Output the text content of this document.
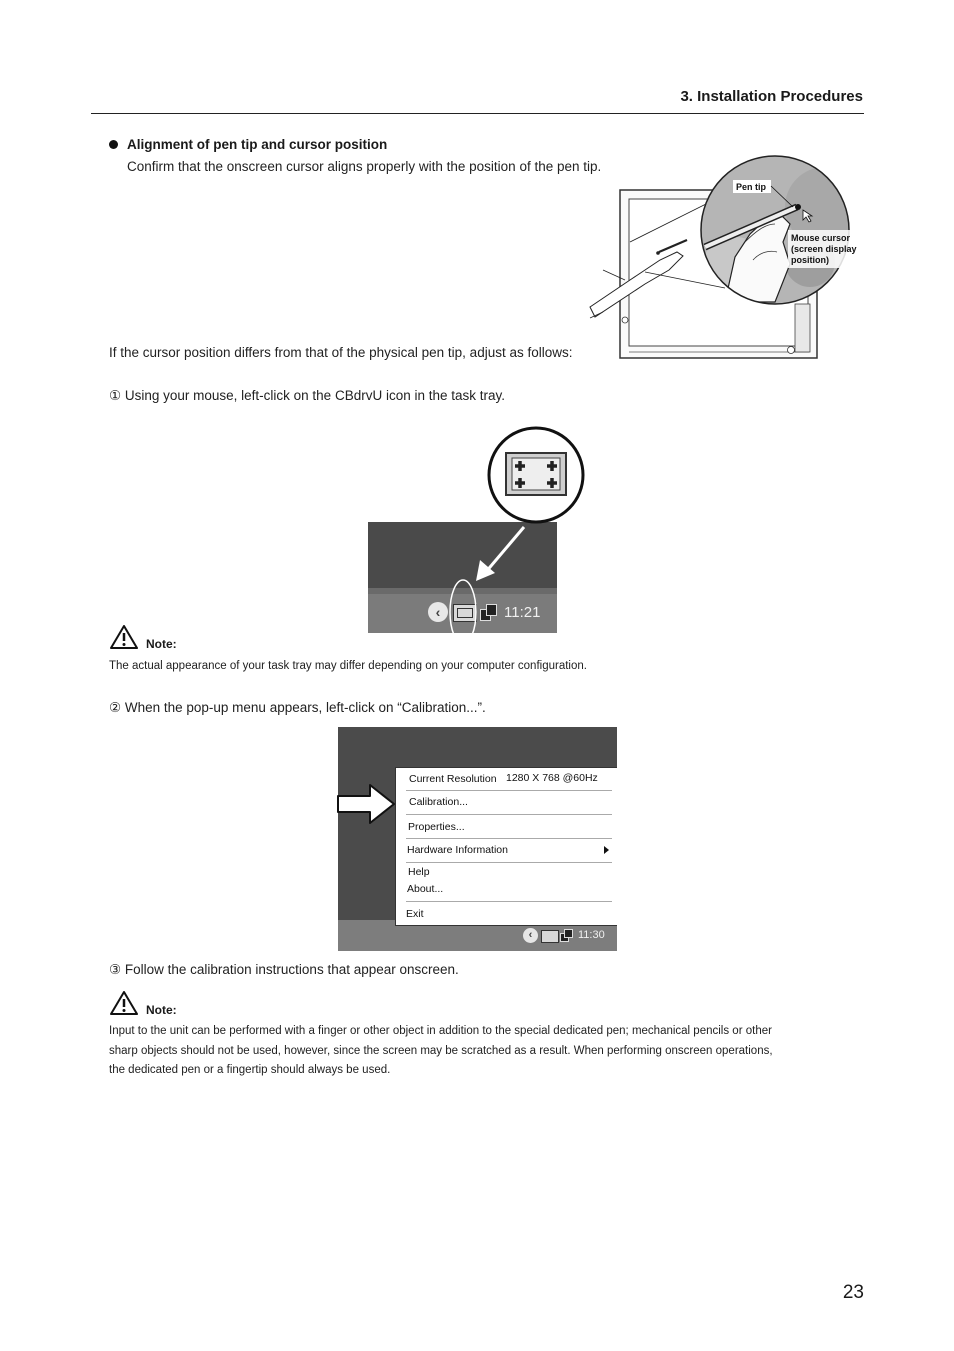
3. Installation Procedures
Alignment of pen tip and cursor position
Confirm that the onscreen cursor aligns properly with the position of the pen tip.
Pen tip
Mouse cursor
(screen display
position)
If the cursor position differs from that of the physical pen tip, adjust as follows:
① Using your mouse, left-click on the CBdrvU icon in the task tray.
‹	11:21
Note:
The actual appearance of your task tray may differ depending on your computer configuration.
② When the pop-up menu appears, left-click on “Calibration...”.
Current Resolution 1280 X 768 @60Hz
Calibration...
Properties...
Hardware Information
Help
About...
Exit
‹	11:30
③ Follow the calibration instructions that appear onscreen.
Note:
Input to the unit can be performed with a finger or other object in addition to the special dedicated pen; mechanical pencils or other
sharp objects should not be used, however, since the screen may be scratched as a result. When performing onscreen operations,
the dedicated pen or a fingertip should always be used.
23
